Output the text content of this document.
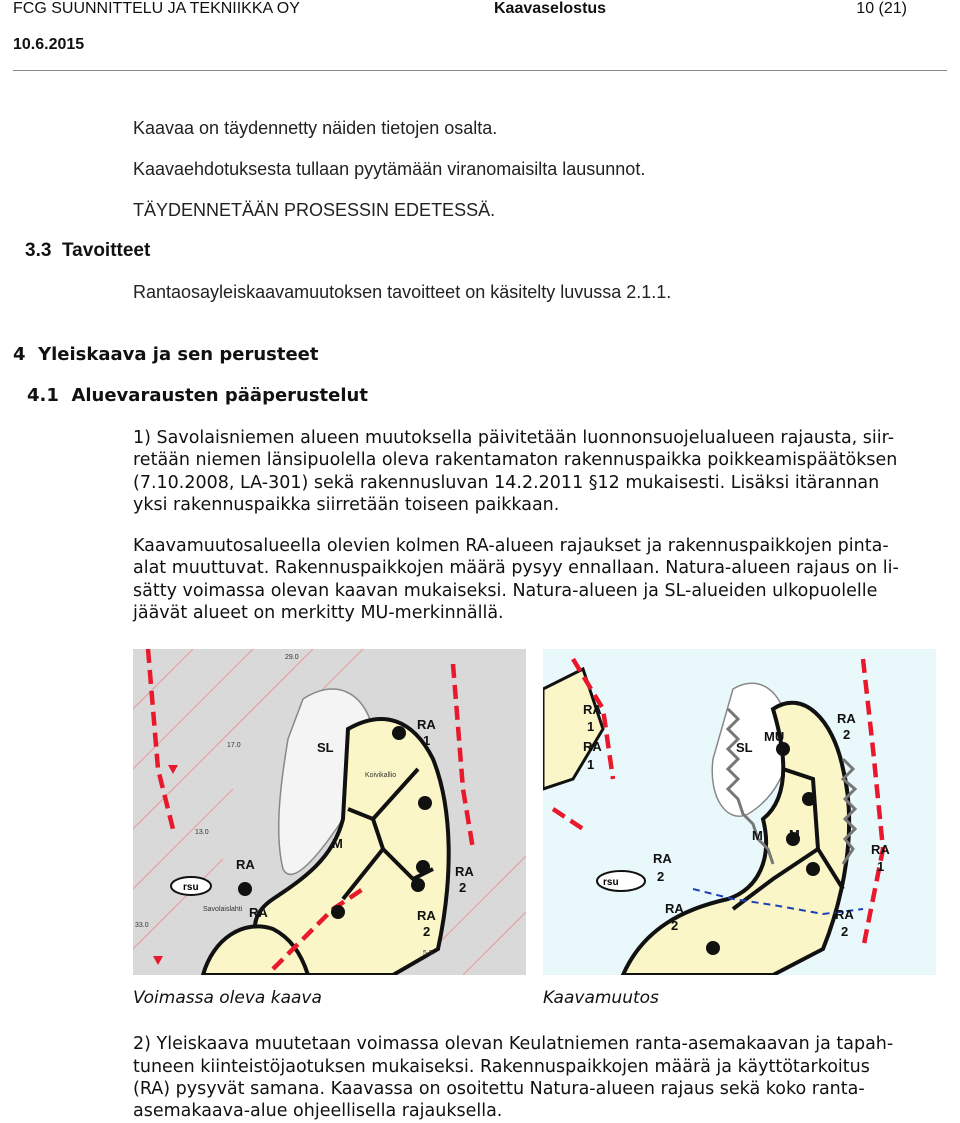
FCG SUUNNITTELU JA TEKNIIKKA OY	Kaavaselostus	10 (21)
10.6.2015

Kaavaa on täydennetty näiden tietojen osalta.

Kaavaehdotuksesta tullaan pyytämään viranomaisilta lausunnot.

TÄYDENNETÄÄN PROSESSIN EDETESSÄ.

3.3 Tavoitteet

Rantaosayleiskaavamuutoksen tavoitteet on käsitelty luvussa 2.1.1.

4 Yleiskaava ja sen perusteet
4.1 Aluevarausten pääperustelut

1) Savolaisniemen alueen muutoksella päivitetään luonnonsuojelualueen rajausta, siir-

retään niemen länsipuolella oleva rakentamaton rakennuspaikka poikkeamispäätöksen

(7.10.2008, LA-301) sekä rakennusluvan 14.2.2011 §12 mukaisesti. Lisäksi itärannan

yksi rakennuspaikka siirretään toiseen paikkaan.

Kaavamuutosalueella olevien kolmen RA-alueen rajaukset ja rakennuspaikkojen pinta-

alat muuttuvat. Rakennuspaikkojen määrä pysyy ennallaan. Natura-alueen rajaus on li-

sätty voimassa olevan kaavan mukaiseksi. Natura-alueen ja SL-alueiden ulkopuolelle

jäävät alueet on merkitty MU-merkinnällä.

rsu
RA
1
SL
M
RA	RA
2
RA	RA
2
29.0
17.0
13.0
33.0
5.5
Savolaislahti
Koivikallio
rsu
RA
1
RA
1
SL
MU
RA
2
M M
RA
2
RA
1
RA
2
RA
2
Voimassa oleva kaava	Kaavamuutos

2) Yleiskaava muutetaan voimassa olevan Keulatniemen ranta-asemakaavan ja tapah-

tuneen kiinteistöjaotuksen mukaiseksi. Rakennuspaikkojen määrä ja käyttötarkoitus

(RA) pysyvät samana. Kaavassa on osoitettu Natura-alueen rajaus sekä koko ranta-

asemakaava-alue ohjeellisella rajauksella.
